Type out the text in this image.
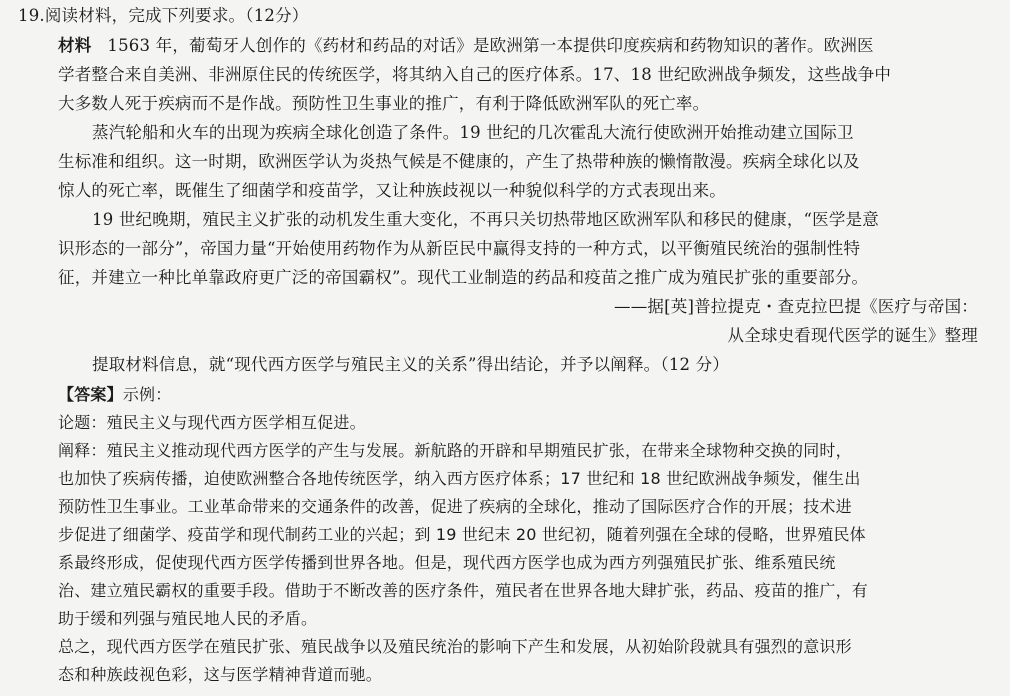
19.阅读材料，完成下列要求。（12分）
材料 1563 年，葡萄牙人创作的《药材和药品的对话》是欧洲第一本提供印度疾病和药物知识的著作。欧洲医
学者整合来自美洲、非洲原住民的传统医学，将其纳入自己的医疗体系。17、18 世纪欧洲战争频发，这些战争中
大多数人死于疾病而不是作战。预防性卫生事业的推广，有利于降低欧洲军队的死亡率。
蒸汽轮船和火车的出现为疾病全球化创造了条件。19 世纪的几次霍乱大流行使欧洲开始推动建立国际卫
生标准和组织。这一时期，欧洲医学认为炎热气候是不健康的，产生了热带种族的懒惰散漫。疾病全球化以及
惊人的死亡率，既催生了细菌学和疫苗学，又让种族歧视以一种貌似科学的方式表现出来。
19 世纪晚期，殖民主义扩张的动机发生重大变化，不再只关切热带地区欧洲军队和移民的健康，“医学是意
识形态的一部分”，帝国力量“开始使用药物作为从新臣民中赢得支持的一种方式，以平衡殖民统治的强制性特
征，并建立一种比单靠政府更广泛的帝国霸权”。现代工业制造的药品和疫苗之推广成为殖民扩张的重要部分。
——据[英]普拉提克・查克拉巴提《医疗与帝国：
从全球史看现代医学的诞生》整理
提取材料信息，就“现代西方医学与殖民主义的关系”得出结论，并予以阐释。（12 分）
【答案】示例：
论题：殖民主义与现代西方医学相互促进。
阐释：殖民主义推动现代西方医学的产生与发展。新航路的开辟和早期殖民扩张，在带来全球物种交换的同时，
也加快了疾病传播，迫使欧洲整合各地传统医学，纳入西方医疗体系；17 世纪和 18 世纪欧洲战争频发，催生出
预防性卫生事业。工业革命带来的交通条件的改善，促进了疾病的全球化，推动了国际医疗合作的开展；技术进
步促进了细菌学、疫苗学和现代制药工业的兴起；到 19 世纪末 20 世纪初，随着列强在全球的侵略，世界殖民体
系最终形成，促使现代西方医学传播到世界各地。但是，现代西方医学也成为西方列强殖民扩张、维系殖民统
治、建立殖民霸权的重要手段。借助于不断改善的医疗条件，殖民者在世界各地大肆扩张，药品、疫苗的推广，有
助于缓和列强与殖民地人民的矛盾。
总之，现代西方医学在殖民扩张、殖民战争以及殖民统治的影响下产生和发展，从初始阶段就具有强烈的意识形
态和种族歧视色彩，这与医学精神背道而驰。
